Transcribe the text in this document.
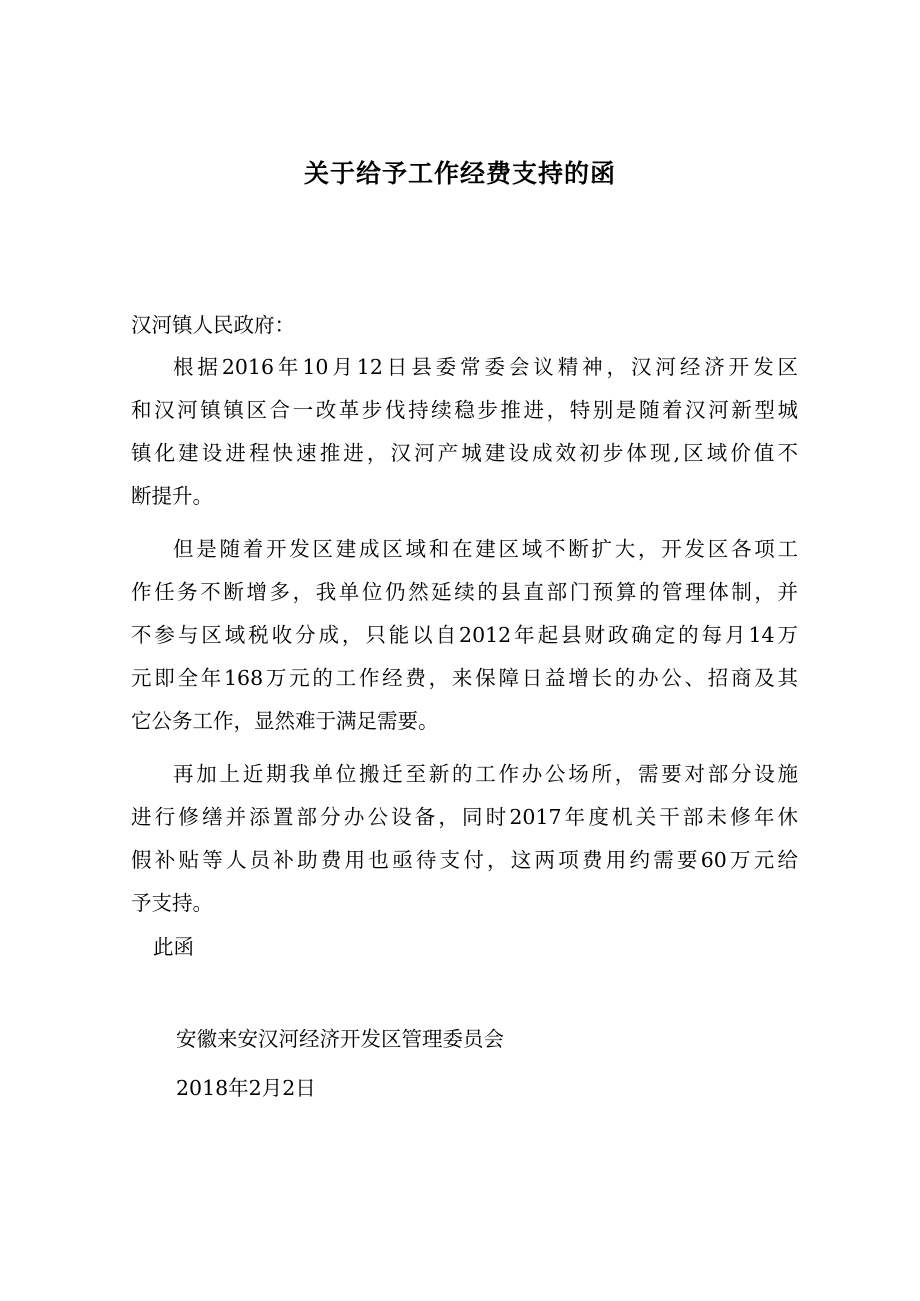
关于给予工作经费支持的函
汉河镇人民政府：
根据2016年10月12日县委常委会议精神，汉河经济开发区
和汉河镇镇区合一改革步伐持续稳步推进，特别是随着汉河新型城
镇化建设进程快速推进，汉河产城建设成效初步体现,区域价值不
断提升。
但是随着开发区建成区域和在建区域不断扩大，开发区各项工
作任务不断增多，我单位仍然延续的县直部门预算的管理体制，并
不参与区域税收分成，只能以自2012年起县财政确定的每月14万
元即全年168万元的工作经费，来保障日益增长的办公、招商及其
它公务工作，显然难于满足需要。
再加上近期我单位搬迁至新的工作办公场所，需要对部分设施
进行修缮并添置部分办公设备，同时2017年度机关干部未修年休
假补贴等人员补助费用也亟待支付，这两项费用约需要60万元给
予支持。
此函
安徽来安汉河经济开发区管理委员会
2018年2月2日
